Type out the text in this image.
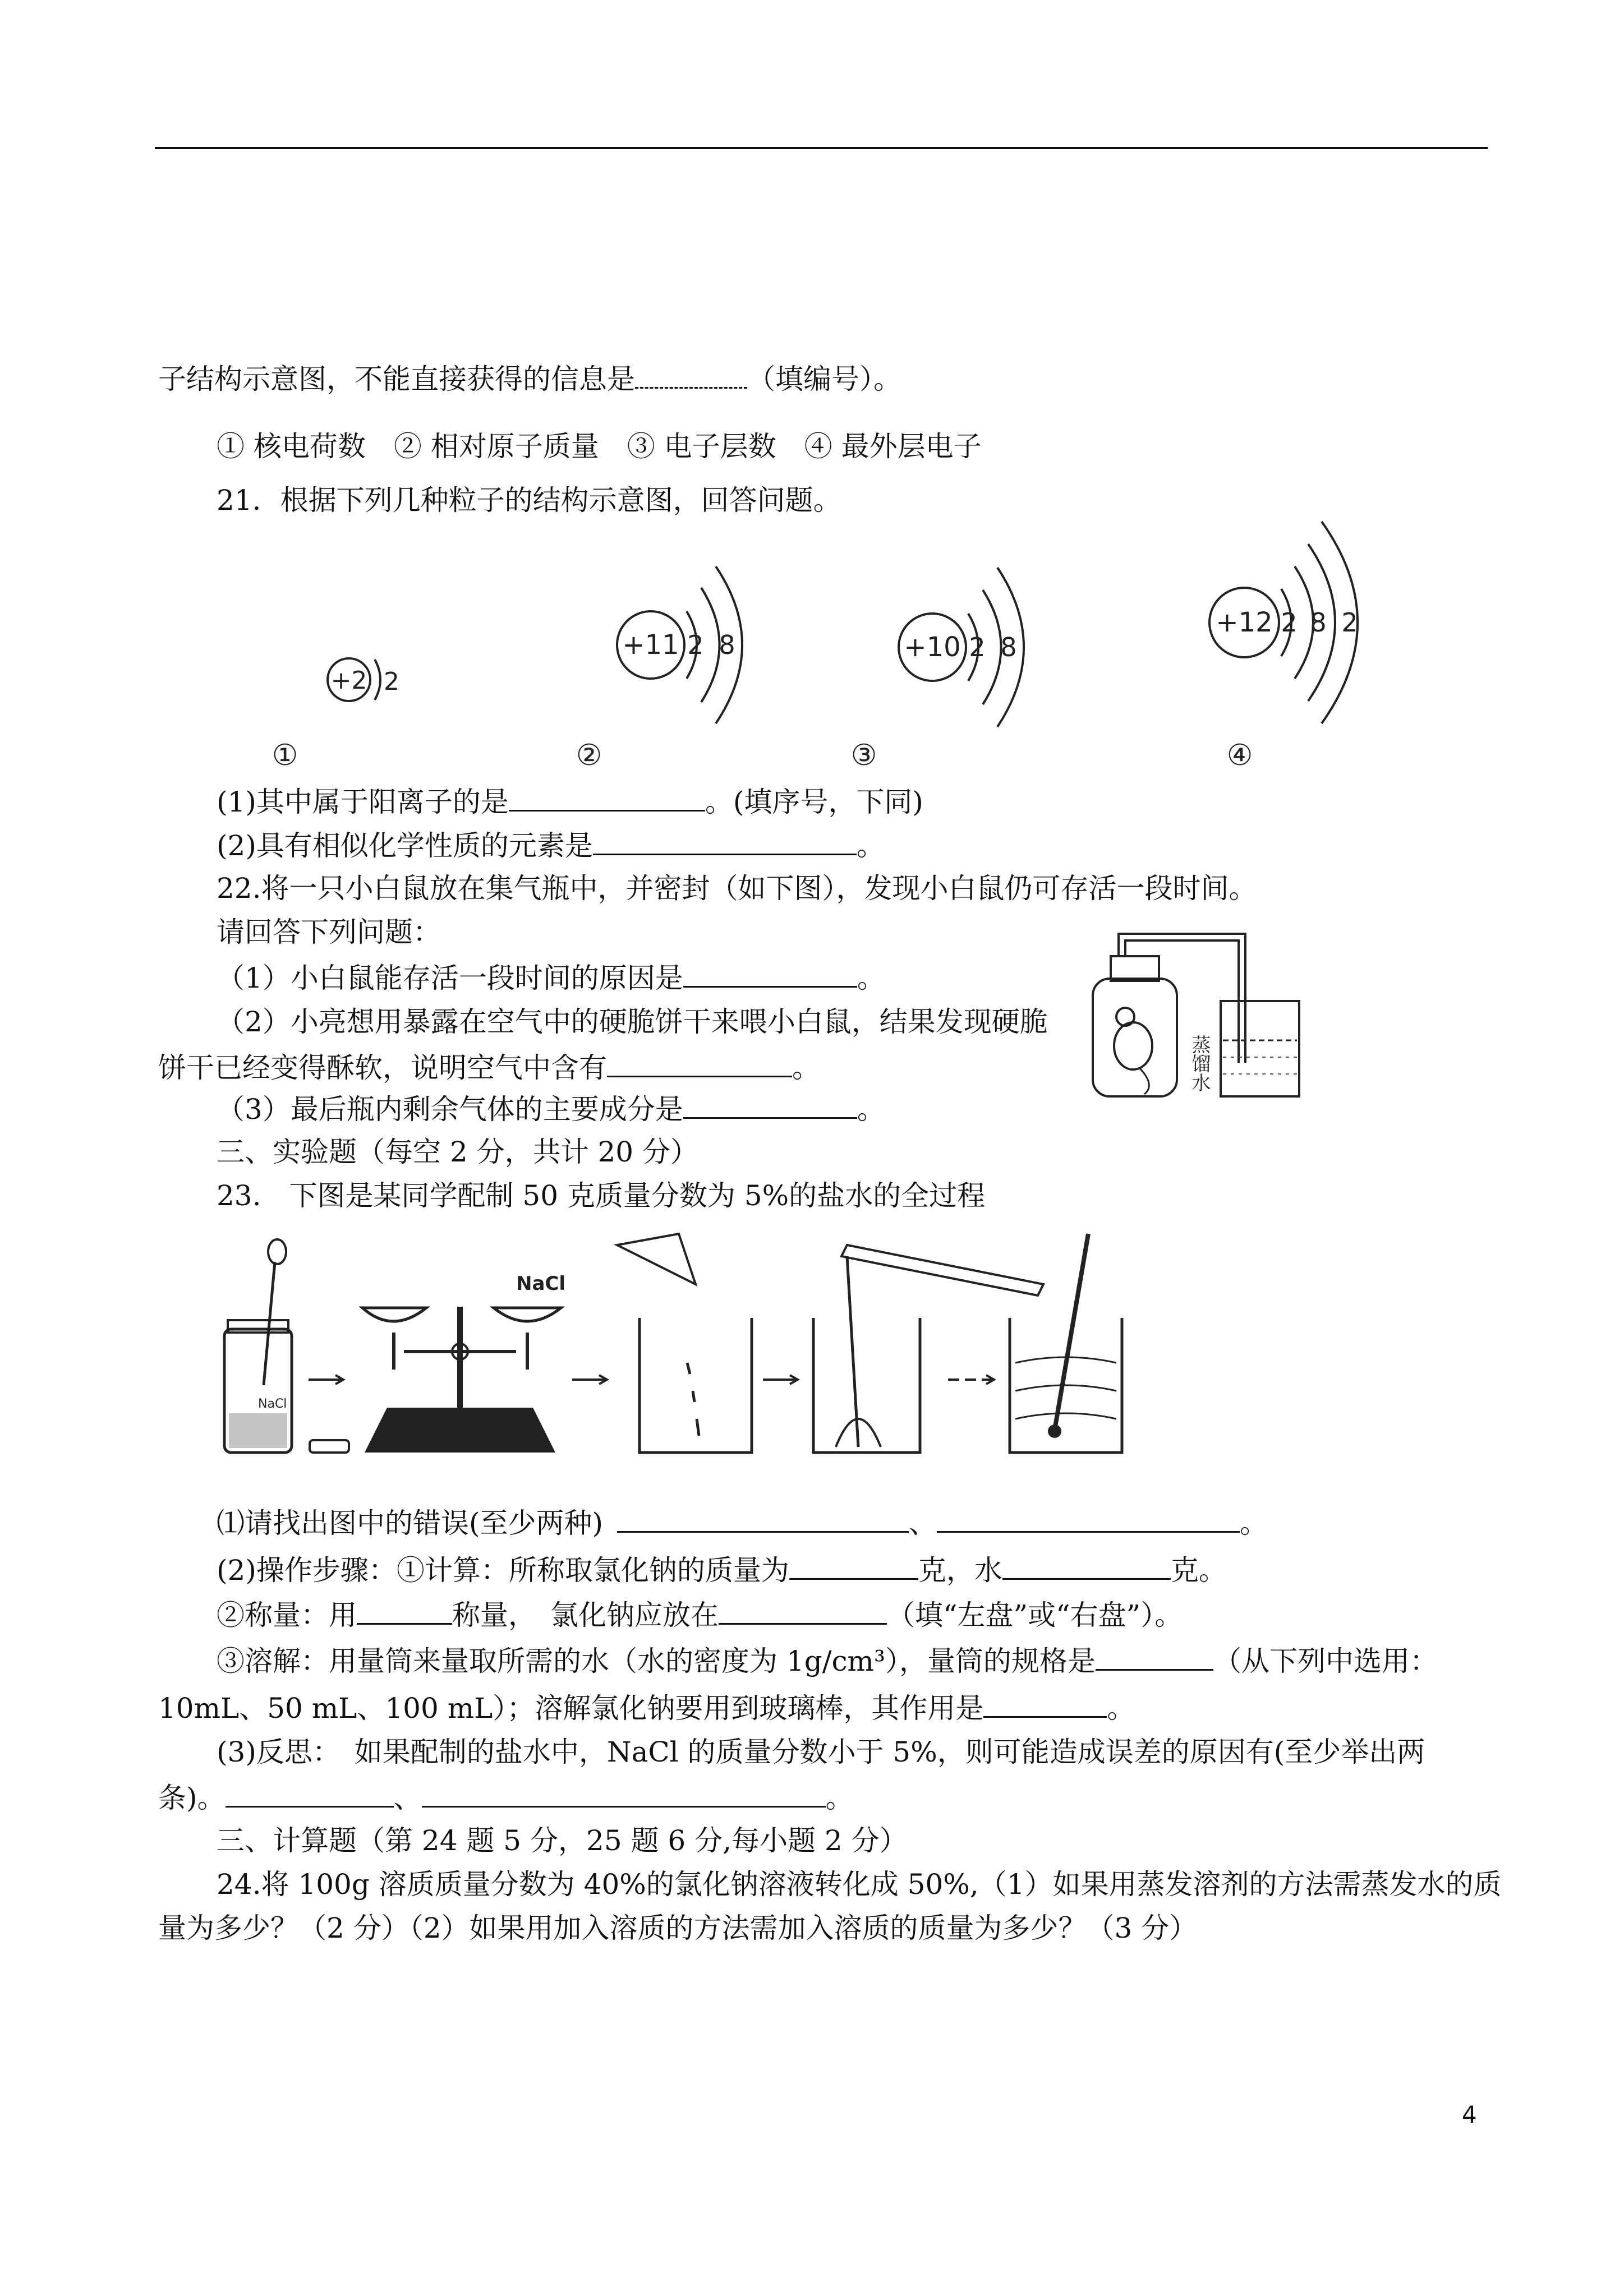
子结构示意图，不能直接获得的信息是	（填编号）。
① 核电荷数　② 相对原子质量　③ 电子层数　④ 最外层电子
21．根据下列几种粒子的结构示意图，回答问题。
+2 2
①
+11 2 8
②
+10 2 8
③
+12 2 8 2
④
(1)其中属于阳离子的是	。(填序号，下同)
(2)具有相似化学性质的元素是	。
22.将一只小白鼠放在集气瓶中，并密封（如下图），发现小白鼠仍可存活一段时间。
请回答下列问题：
（1）小白鼠能存活一段时间的原因是	。
（2）小亮想用暴露在空气中的硬脆饼干来喂小白鼠，结果发现硬脆
饼干已经变得酥软，说明空气中含有	。
（3）最后瓶内剩余气体的主要成分是	。
蒸馏水
三、实验题（每空 2 分，共计 20 分）
23.　下图是某同学配制 50 克质量分数为 5%的盐水的全过程
NaCl
NaCl
⑴请找出图中的错误(至少两种) 	、	。
(2)操作步骤：①计算：所称取氯化钠的质量为	克，水	克。
②称量：用	称量，　氯化钠应放在	（填“左盘”或“右盘”）。
③溶解：用量筒来量取所需的水（水的密度为 1g/cm³），量筒的规格是	（从下列中选用：
10mL、50 mL、100 mL）；溶解氯化钠要用到玻璃棒，其作用是	。
(3)反思：　如果配制的盐水中，NaCl 的质量分数小于 5%，则可能造成误差的原因有(至少举出两
条)。	、	。
三、计算题（第 24 题 5 分，25 题 6 分,每小题 2 分）
24.将 100g 溶质质量分数为 40%的氯化钠溶液转化成 50%,（1）如果用蒸发溶剂的方法需蒸发水的质
量为多少？（2 分）（2）如果用加入溶质的方法需加入溶质的质量为多少？（3 分）
4
